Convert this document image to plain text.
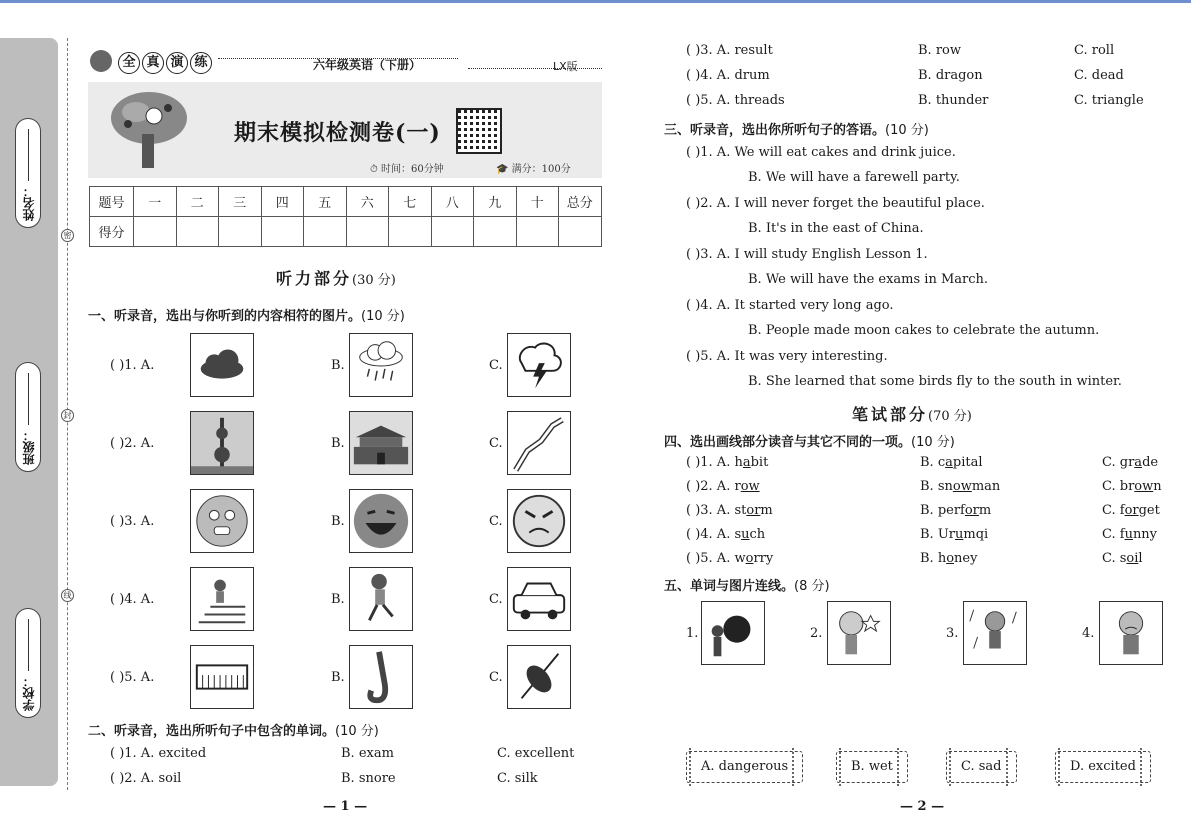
姓名：
班级：
学校：
密
封
线
全 真 演 练	六年级英语（下册）	LX版
期末模拟检测卷(一)
⏱ 时间：60分钟	🎓 满分：100分
题号	一	二	三	四	五	六	七	八	九	十	总分
得分											
听力部分(30 分)
一、听录音，选出与你听到的内容相符的图片。(10 分)
( )1. A.	B.	C.
( )2. A.	B.	C.
( )3. A.	B.	C.
( )4. A.	B.	C.
( )5. A.	B.	C.
二、听录音，选出所听句子中包含的单词。(10 分)
( )1. A. excited	B. exam	C. excellent
( )2. A. soil	B. snore	C. silk
— 1 —
( )3. A. result	B. row	C. roll
( )4. A. drum	B. dragon	C. dead
( )5. A. threads	B. thunder	C. triangle
三、听录音，选出你所听句子的答语。(10 分)
( )1. A. We will eat cakes and drink juice.
B. We will have a farewell party.
( )2. A. I will never forget the beautiful place.
B. It's in the east of China.
( )3. A. I will study English Lesson 1.
B. We will have the exams in March.
( )4. A. It started very long ago.
B. People made moon cakes to celebrate the autumn.
( )5. A. It was very interesting.
B. She learned that some birds fly to the south in winter.
笔试部分(70 分)
四、选出画线部分读音与其它不同的一项。(10 分)
( )1. A. habit	B. capital	C. grade
( )2. A. row	B. snowman	C. brown
( )3. A. storm	B. perform	C. forget
( )4. A. such	B. Urumqi	C. funny
( )5. A. worry	B. honey	C. soil
五、单词与图片连线。(8 分)
1.	2.	3.	4.
A. dangerous	B. wet	C. sad	D. excited
— 2 —
